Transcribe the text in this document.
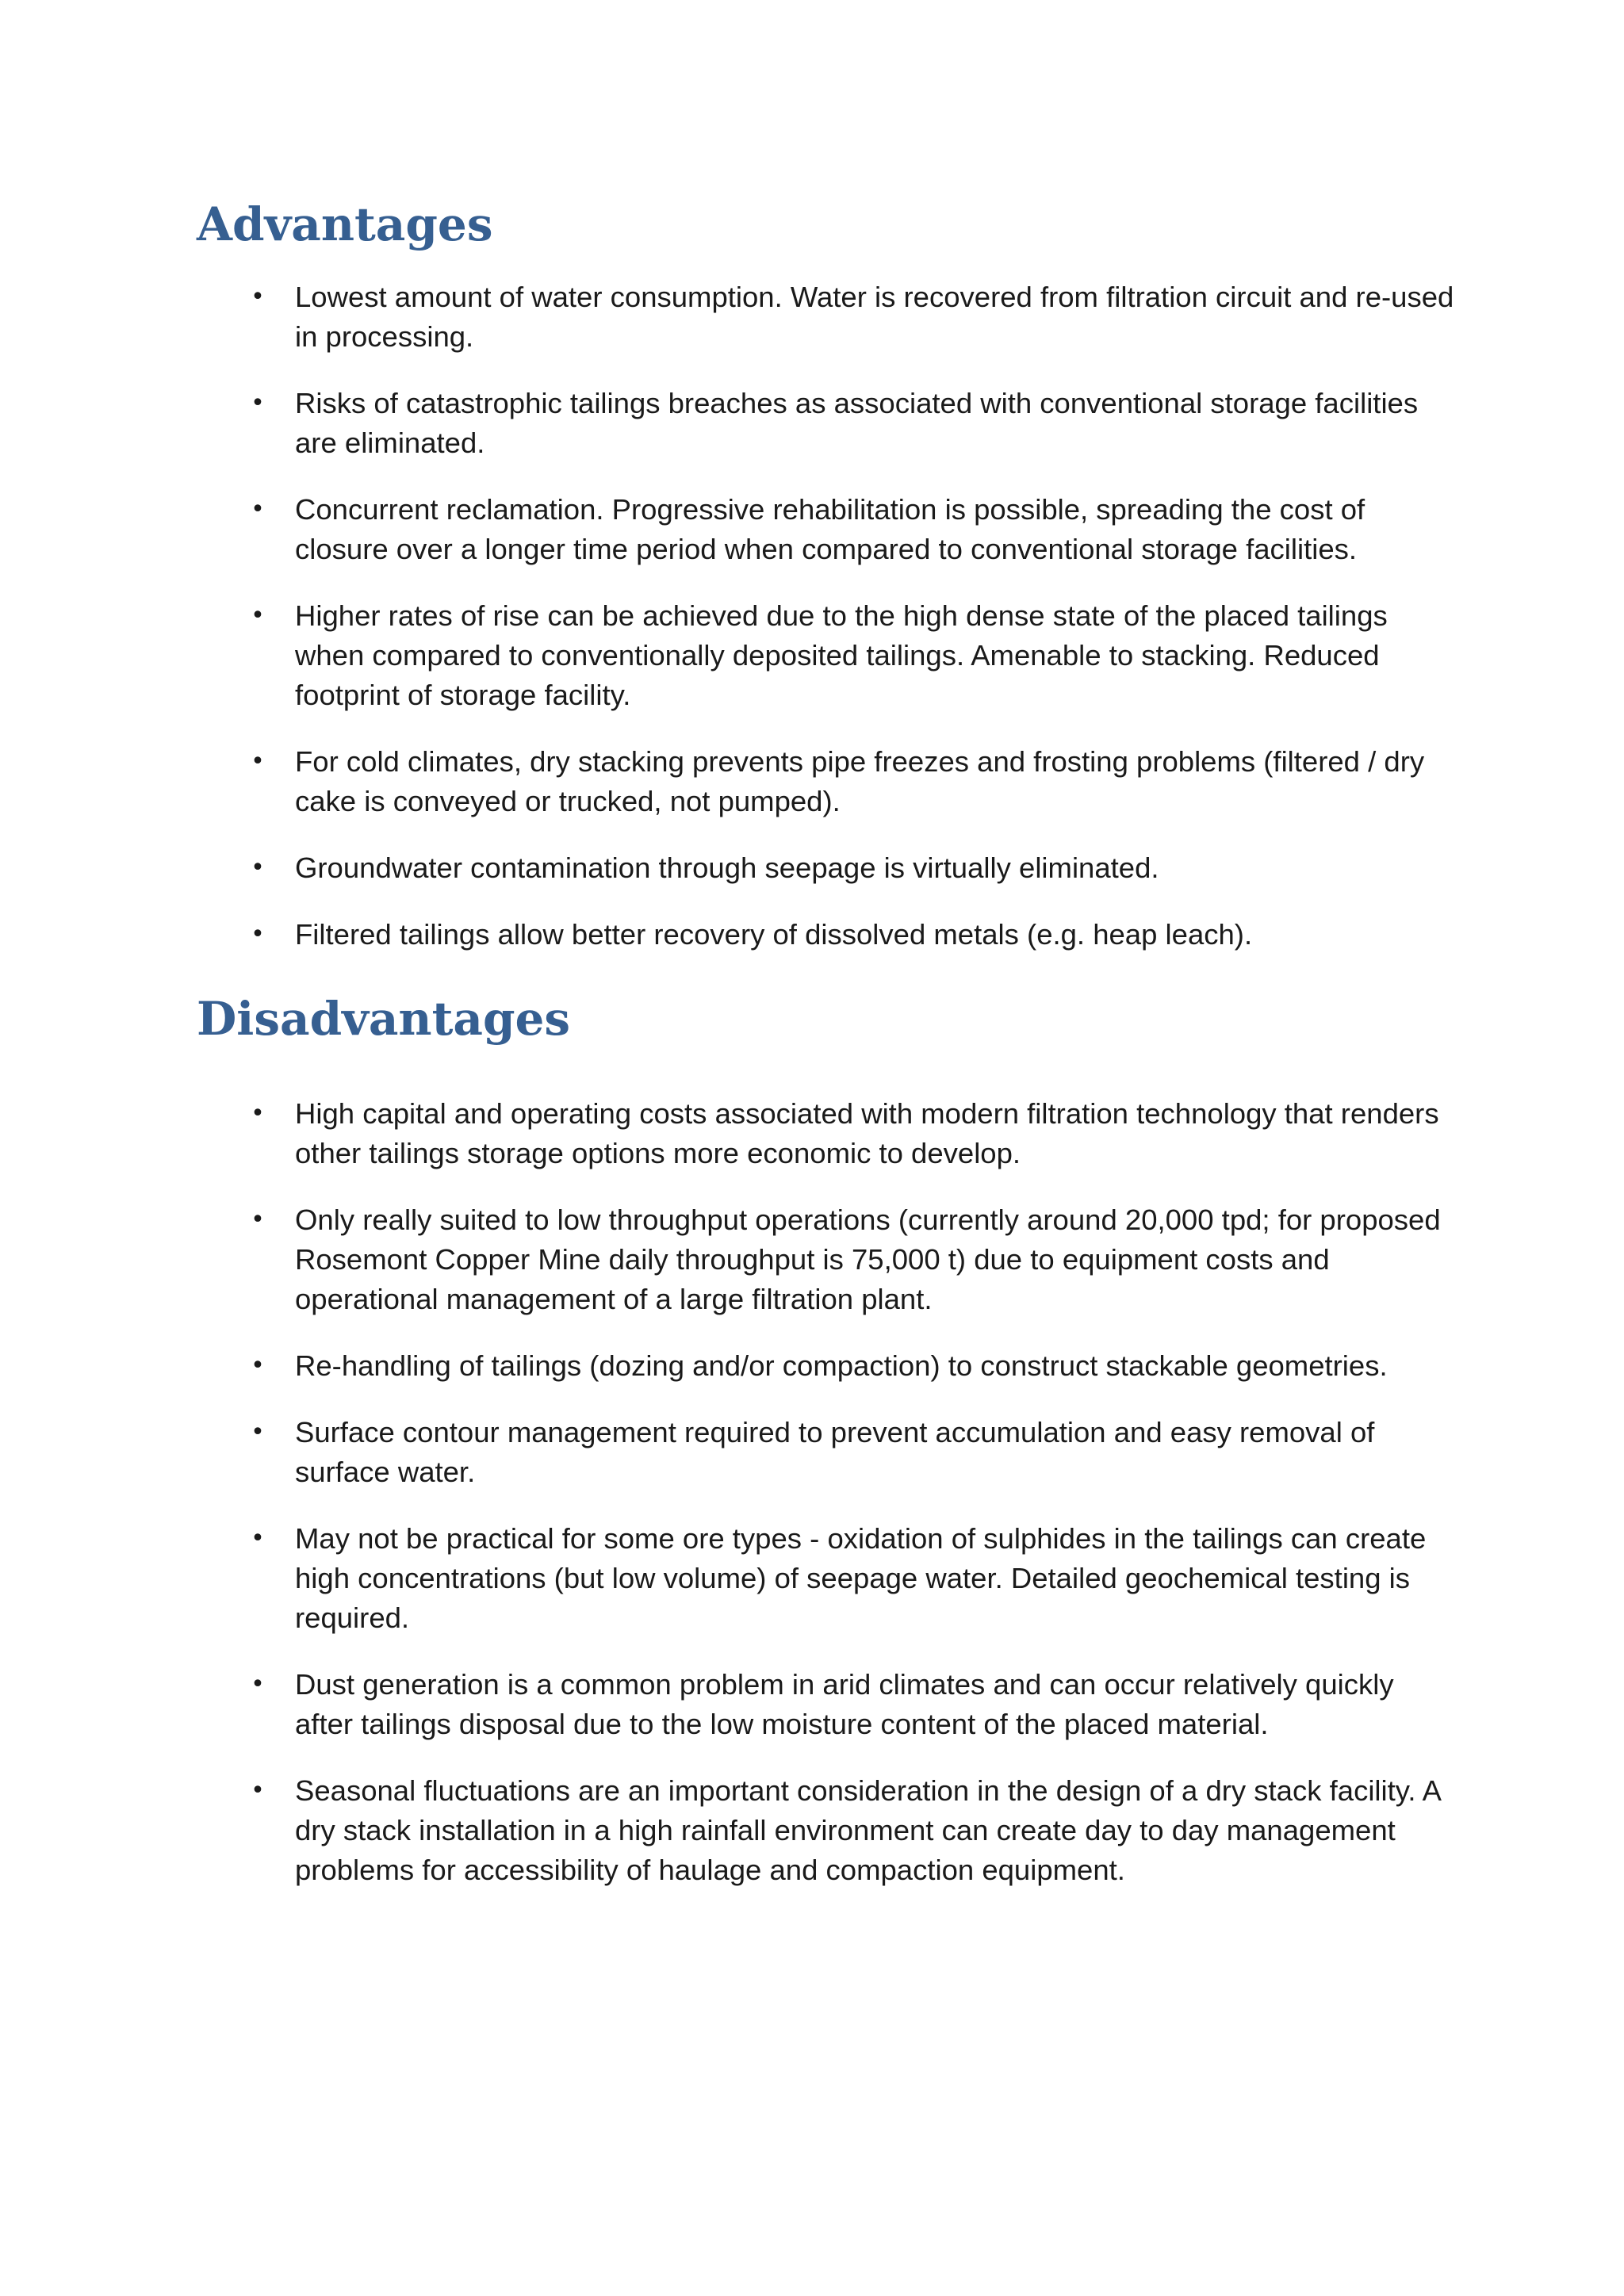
Advantages
• Lowest amount of water consumption. Water is recovered from filtration circuit and re-used in processing.
• Risks of catastrophic tailings breaches as associated with conventional storage facilities are eliminated.
• Concurrent reclamation. Progressive rehabilitation is possible, spreading the cost of closure over a longer time period when compared to conventional storage facilities.
• Higher rates of rise can be achieved due to the high dense state of the placed tailings when compared to conventionally deposited tailings. Amenable to stacking. Reduced footprint of storage facility.
• For cold climates, dry stacking prevents pipe freezes and frosting problems (filtered / dry cake is conveyed or trucked, not pumped).
• Groundwater contamination through seepage is virtually eliminated.
• Filtered tailings allow better recovery of dissolved metals (e.g. heap leach).
Disadvantages
• High capital and operating costs associated with modern filtration technology that renders other tailings storage options more economic to develop.
• Only really suited to low throughput operations (currently around 20,000 tpd; for proposed Rosemont Copper Mine daily throughput is 75,000 t) due to equipment costs and operational management of a large filtration plant.
• Re-handling of tailings (dozing and/or compaction) to construct stackable geometries.
• Surface contour management required to prevent accumulation and easy removal of surface water.
• May not be practical for some ore types - oxidation of sulphides in the tailings can create high concentrations (but low volume) of seepage water. Detailed geochemical testing is required.
• Dust generation is a common problem in arid climates and can occur relatively quickly after tailings disposal due to the low moisture content of the placed material.
• Seasonal fluctuations are an important consideration in the design of a dry stack facility. A dry stack installation in a high rainfall environment can create day to day management problems for accessibility of haulage and compaction equipment.
